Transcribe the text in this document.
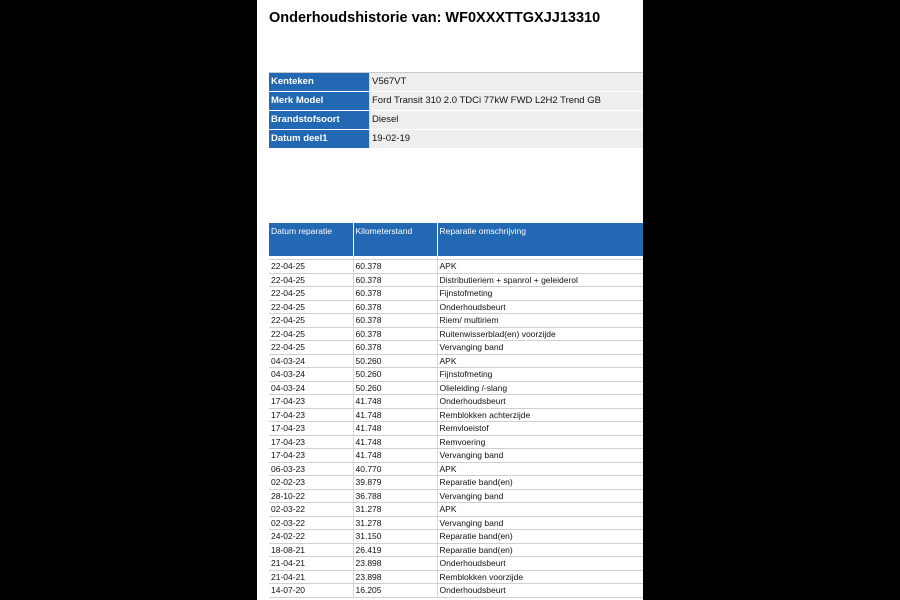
Onderhoudshistorie van: WF0XXXTTGXJJ13310
Kenteken	V567VT
Merk Model	Ford Transit 310 2.0 TDCi 77kW FWD L2H2 Trend GB
Brandstofsoort	Diesel
Datum deel1	19-02-19
Datum reparatie	Kilometerstand	Reparatie omschrijving

22-04-25	60.378	APK
22-04-25	60.378	Distributieriem + spanrol + geleiderol
22-04-25	60.378	Fijnstofmeting
22-04-25	60.378	Onderhoudsbeurt
22-04-25	60.378	Riem/ multiriem
22-04-25	60.378	Ruitenwisserblad(en) voorzijde
22-04-25	60.378	Vervanging band
04-03-24	50.260	APK
04-03-24	50.260	Fijnstofmeting
04-03-24	50.260	Olieleiding /-slang
17-04-23	41.748	Onderhoudsbeurt
17-04-23	41.748	Remblokken achterzijde
17-04-23	41.748	Remvloeistof
17-04-23	41.748	Remvoering
17-04-23	41.748	Vervanging band
06-03-23	40.770	APK
02-02-23	39.879	Reparatie band(en)
28-10-22	36.788	Vervanging band
02-03-22	31.278	APK
02-03-22	31.278	Vervanging band
24-02-22	31.150	Reparatie band(en)
18-08-21	26.419	Reparatie band(en)
21-04-21	23.898	Onderhoudsbeurt
21-04-21	23.898	Remblokken voorzijde
14-07-20	16.205	Onderhoudsbeurt
